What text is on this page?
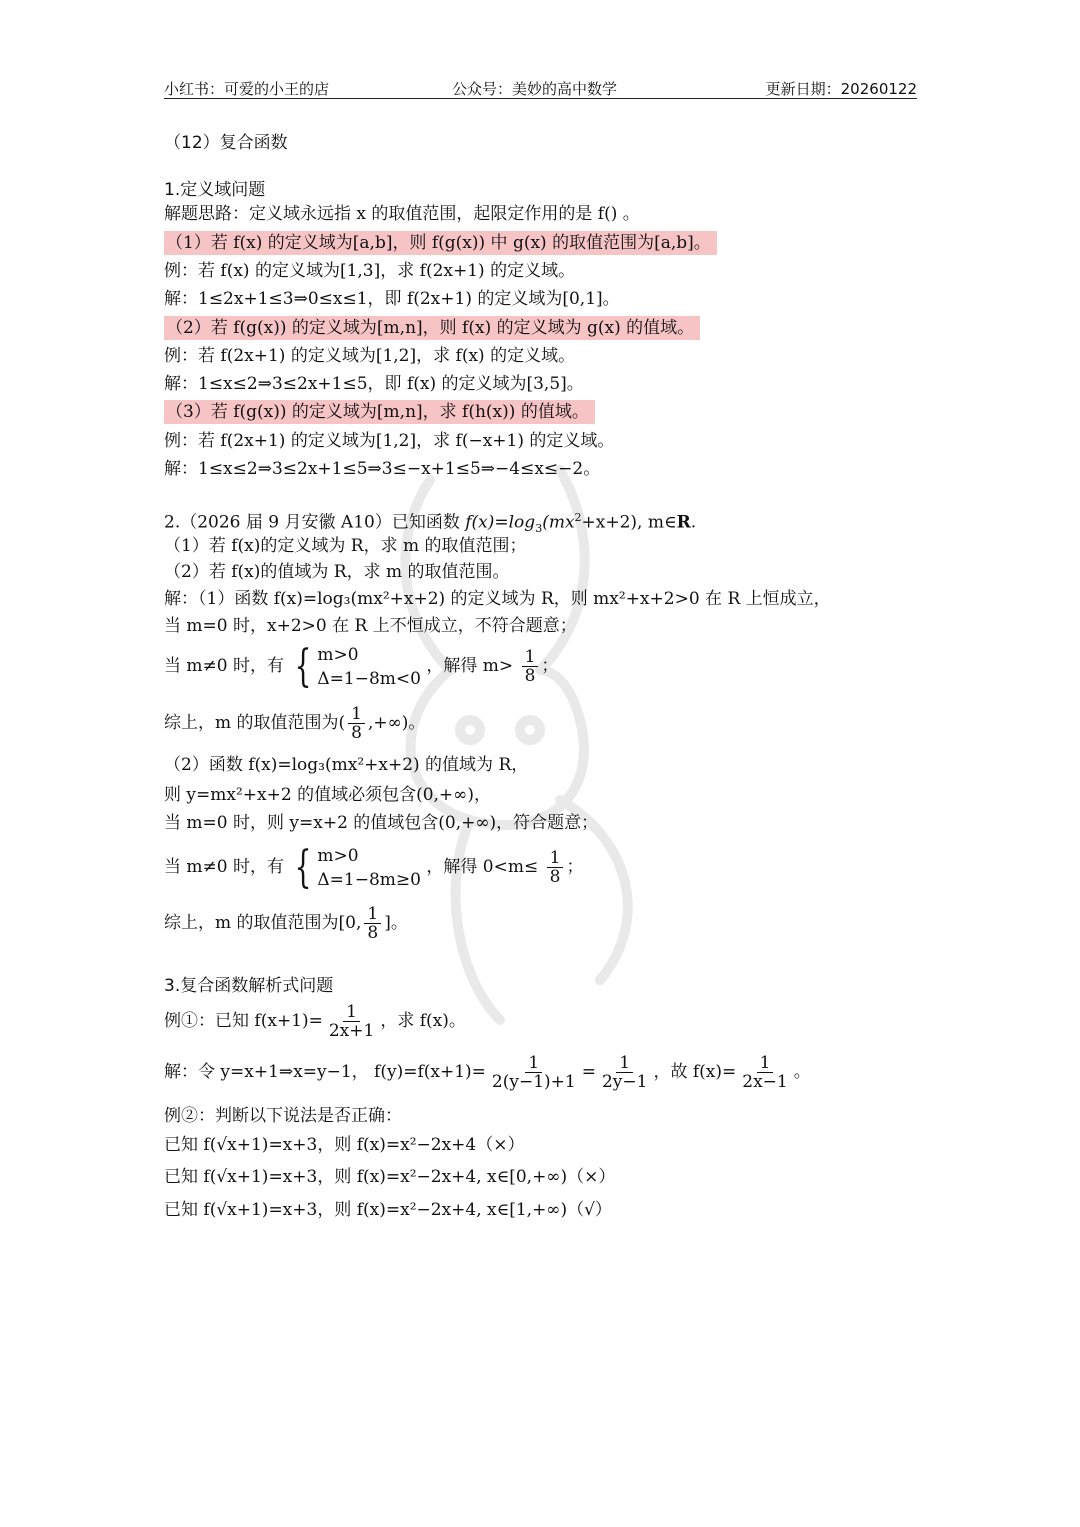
小红书：可爱的小王的店	公众号：美妙的高中数学	更新日期：20260122
（12）复合函数
1.定义域问题
解题思路：定义域永远指 x 的取值范围，起限定作用的是 f() 。
（1）若 f(x) 的定义域为[a,b]，则 f(g(x)) 中 g(x) 的取值范围为[a,b]。
例：若 f(x) 的定义域为[1,3]，求 f(2x+1) 的定义域。
解：1≤2x+1≤3⇒0≤x≤1，即 f(2x+1) 的定义域为[0,1]。
（2）若 f(g(x)) 的定义域为[m,n]，则 f(x) 的定义域为 g(x) 的值域。
例：若 f(2x+1) 的定义域为[1,2]，求 f(x) 的定义域。
解：1≤x≤2⇒3≤2x+1≤5，即 f(x) 的定义域为[3,5]。
（3）若 f(g(x)) 的定义域为[m,n]，求 f(h(x)) 的值域。
例：若 f(2x+1) 的定义域为[1,2]，求 f(−x+1) 的定义域。
解：1≤x≤2⇒3≤2x+1≤5⇒3≤−x+1≤5⇒−4≤x≤−2。
2.（2026 届 9 月安徽 A10）已知函数 $f(x)=\log_3(mx^2+x+2)$, m∈R.
（1）若 f(x)的定义域为 R，求 m 的取值范围；
（2）若 f(x)的值域为 R，求 m 的取值范围。
解：（1）函数 f(x)=log₃(mx²+x+2) 的定义域为 R，则 mx²+x+2>0 在 R 上恒成立，
当 m=0 时，x+2>0 在 R 上不恒成立，不符合题意；
当 m≠0 时，有 { m>0
Δ=1−8m<0
，解得 $m> \frac{1}{8}$ ；
综上，m 的取值范围为( $\frac{1}{8}$ ,+∞)。
（2）函数 f(x)=log₃(mx²+x+2) 的值域为 R，
则 y=mx²+x+2 的值域必须包含(0,+∞)，
当 m=0 时，则 y=x+2 的值域包含(0,+∞)，符合题意；
当 m≠0 时，有 { m>0
Δ=1−8m≥0
，解得 $0<m\le \frac{1}{8}$ ；
综上，m 的取值范围为[0, $\frac{1}{8}$ ]。
3.复合函数解析式问题
例①：已知 $f(x+1)= \frac{1}{2x+1}$ ，求 f(x)。
解：令 y=x+1⇒x=y−1， $f(y)=f(x+1)= \frac{1}{2(y-1)+1} = \frac{1}{2y-1}$ ，故 $f(x)= \frac{1}{2x-1}$ 。
例②：判断以下说法是否正确：
已知 f(√x+1)=x+3，则 f(x)=x²−2x+4（×）
已知 f(√x+1)=x+3，则 f(x)=x²−2x+4, x∈[0,+∞)（×）
已知 f(√x+1)=x+3，则 f(x)=x²−2x+4, x∈[1,+∞)（√）
